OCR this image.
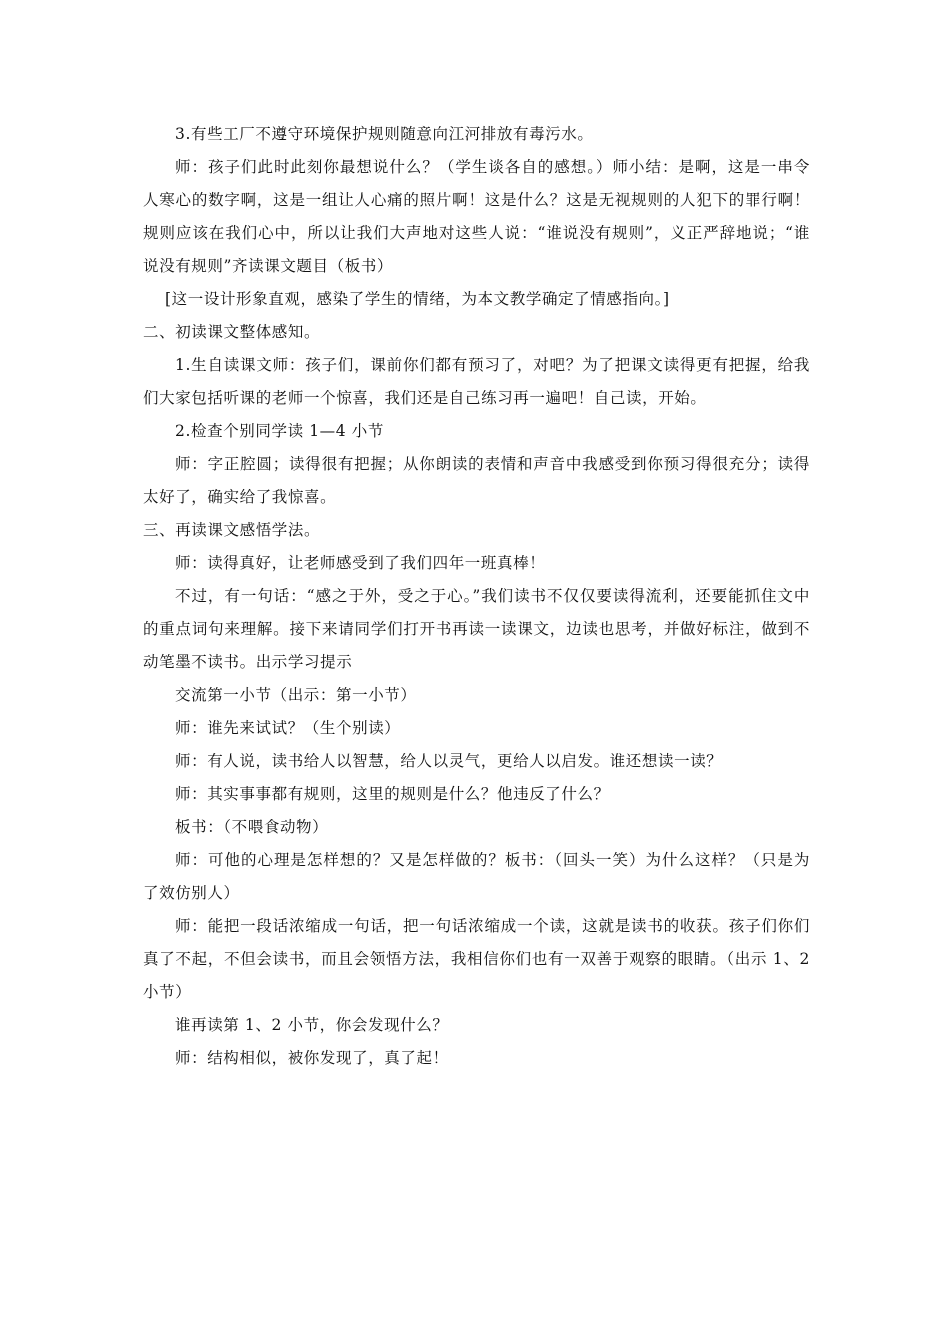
3.有些工厂不遵守环境保护规则随意向江河排放有毒污水。

师：孩子们此时此刻你最想说什么？（学生谈各自的感想。）师小结：是啊，这是一串令人寒心的数字啊，这是一组让人心痛的照片啊！这是什么？这是无视规则的人犯下的罪行啊！规则应该在我们心中，所以让我们大声地对这些人说：“谁说没有规则”，义正严辞地说；“谁说没有规则”齐读课文题目（板书）

[这一设计形象直观，感染了学生的情绪，为本文教学确定了情感指向。]

二、初读课文整体感知。

1.生自读课文师：孩子们，课前你们都有预习了，对吧？为了把课文读得更有把握，给我们大家包括听课的老师一个惊喜，我们还是自己练习再一遍吧！自己读，开始。

2.检查个别同学读 1—4 小节

师：字正腔圆；读得很有把握；从你朗读的表情和声音中我感受到你预习得很充分；读得太好了，确实给了我惊喜。

三、再读课文感悟学法。

师：读得真好，让老师感受到了我们四年一班真棒！

不过，有一句话：“感之于外，受之于心。”我们读书不仅仅要读得流利，还要能抓住文中的重点词句来理解。接下来请同学们打开书再读一读课文，边读也思考，并做好标注，做到不动笔墨不读书。出示学习提示

交流第一小节（出示：第一小节）

师：谁先来试试？（生个别读）

师：有人说，读书给人以智慧，给人以灵气，更给人以启发。谁还想读一读？

师：其实事事都有规则，这里的规则是什么？他违反了什么？

板书：（不喂食动物）

师：可他的心理是怎样想的？又是怎样做的？板书：（回头一笑）为什么这样？（只是为了效仿别人）

师：能把一段话浓缩成一句话，把一句话浓缩成一个读，这就是读书的收获。孩子们你们真了不起，不但会读书，而且会领悟方法，我相信你们也有一双善于观察的眼睛。（出示 1、2 小节）

谁再读第 1、2 小节，你会发现什么？

师：结构相似，被你发现了，真了起！
